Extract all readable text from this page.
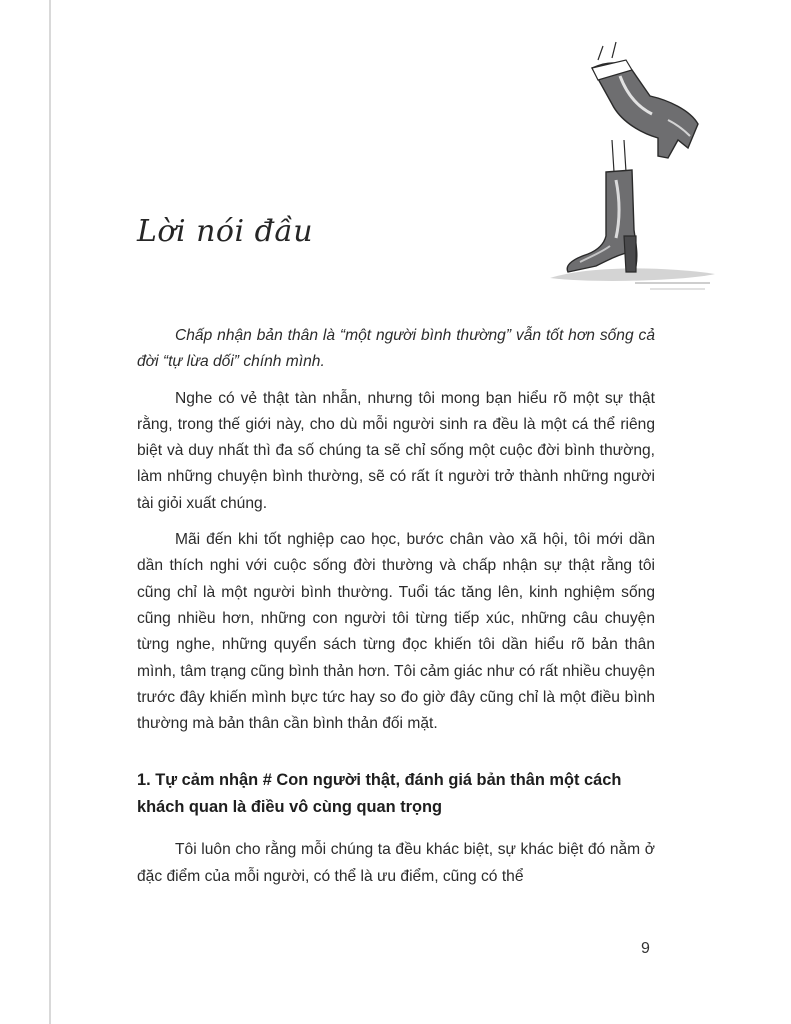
Lời nói đầu

Chấp nhận bản thân là “một người bình thường” vẫn tốt hơn sống cả đời “tự lừa dối” chính mình.

Nghe có vẻ thật tàn nhẫn, nhưng tôi mong bạn hiểu rõ một sự thật rằng, trong thế giới này, cho dù mỗi người sinh ra đều là một cá thể riêng biệt và duy nhất thì đa số chúng ta sẽ chỉ sống một cuộc đời bình thường, làm những chuyện bình thường, sẽ có rất ít người trở thành những người tài giỏi xuất chúng.

Mãi đến khi tốt nghiệp cao học, bước chân vào xã hội, tôi mới dần dần thích nghi với cuộc sống đời thường và chấp nhận sự thật rằng tôi cũng chỉ là một người bình thường. Tuổi tác tăng lên, kinh nghiệm sống cũng nhiều hơn, những con người tôi từng tiếp xúc, những câu chuyện từng nghe, những quyển sách từng đọc khiến tôi dần hiểu rõ bản thân mình, tâm trạng cũng bình thản hơn. Tôi cảm giác như có rất nhiều chuyện trước đây khiến mình bực tức hay so đo giờ đây cũng chỉ là một điều bình thường mà bản thân cần bình thản đối mặt.

1. Tự cảm nhận # Con người thật, đánh giá bản thân một cách khách quan là điều vô cùng quan trọng

Tôi luôn cho rằng mỗi chúng ta đều khác biệt, sự khác biệt đó nằm ở đặc điểm của mỗi người, có thể là ưu điểm, cũng có thể

9
